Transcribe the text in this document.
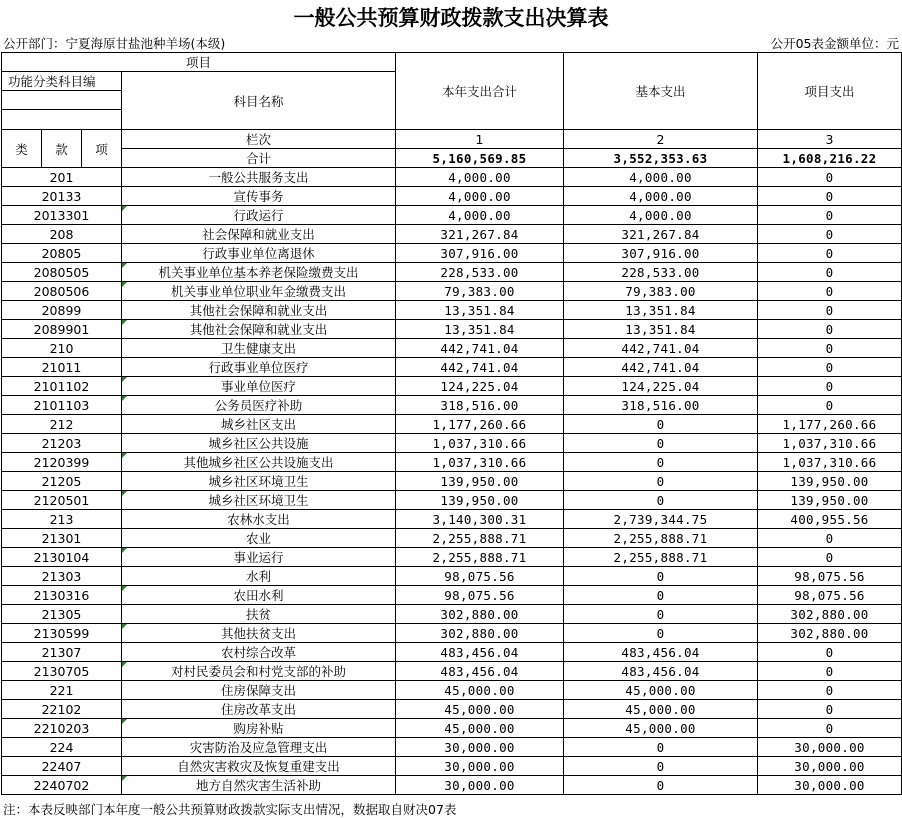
一般公共预算财政拨款支出决算表
公开部门：宁夏海原甘盐池种羊场(本级)	公开05表金额单位：元
项目				本年支出合计	基本支出	项目支出
功能分类科目编			科目名称			

类	款	项	栏次	1	2	3
			合计	5,160,569.85	3,552,353.63	1,608,216.22
201			一般公共服务支出	4,000.00	4,000.00	0
20133			宣传事务	4,000.00	4,000.00	0
2013301			行政运行	4,000.00	4,000.00	0
208			社会保障和就业支出	321,267.84	321,267.84	0
20805			行政事业单位离退休	307,916.00	307,916.00	0
2080505			机关事业单位基本养老保险缴费支出	228,533.00	228,533.00	0
2080506			机关事业单位职业年金缴费支出	79,383.00	79,383.00	0
20899			其他社会保障和就业支出	13,351.84	13,351.84	0
2089901			其他社会保障和就业支出	13,351.84	13,351.84	0
210			卫生健康支出	442,741.04	442,741.04	0
21011			行政事业单位医疗	442,741.04	442,741.04	0
2101102			事业单位医疗	124,225.04	124,225.04	0
2101103			公务员医疗补助	318,516.00	318,516.00	0
212			城乡社区支出	1,177,260.66	0	1,177,260.66
21203			城乡社区公共设施	1,037,310.66	0	1,037,310.66
2120399			其他城乡社区公共设施支出	1,037,310.66	0	1,037,310.66
21205			城乡社区环境卫生	139,950.00	0	139,950.00
2120501			城乡社区环境卫生	139,950.00	0	139,950.00
213			农林水支出	3,140,300.31	2,739,344.75	400,955.56
21301			农业	2,255,888.71	2,255,888.71	0
2130104			事业运行	2,255,888.71	2,255,888.71	0
21303			水利	98,075.56	0	98,075.56
2130316			农田水利	98,075.56	0	98,075.56
21305			扶贫	302,880.00	0	302,880.00
2130599			其他扶贫支出	302,880.00	0	302,880.00
21307			农村综合改革	483,456.04	483,456.04	0
2130705			对村民委员会和村党支部的补助	483,456.04	483,456.04	0
221			住房保障支出	45,000.00	45,000.00	0
22102			住房改革支出	45,000.00	45,000.00	0
2210203			购房补贴	45,000.00	45,000.00	0
224			灾害防治及应急管理支出	30,000.00	0	30,000.00
22407			自然灾害救灾及恢复重建支出	30,000.00	0	30,000.00
2240702			地方自然灾害生活补助	30,000.00	0	30,000.00
注：本表反映部门本年度一般公共预算财政拨款实际支出情况，数据取自财决07表
